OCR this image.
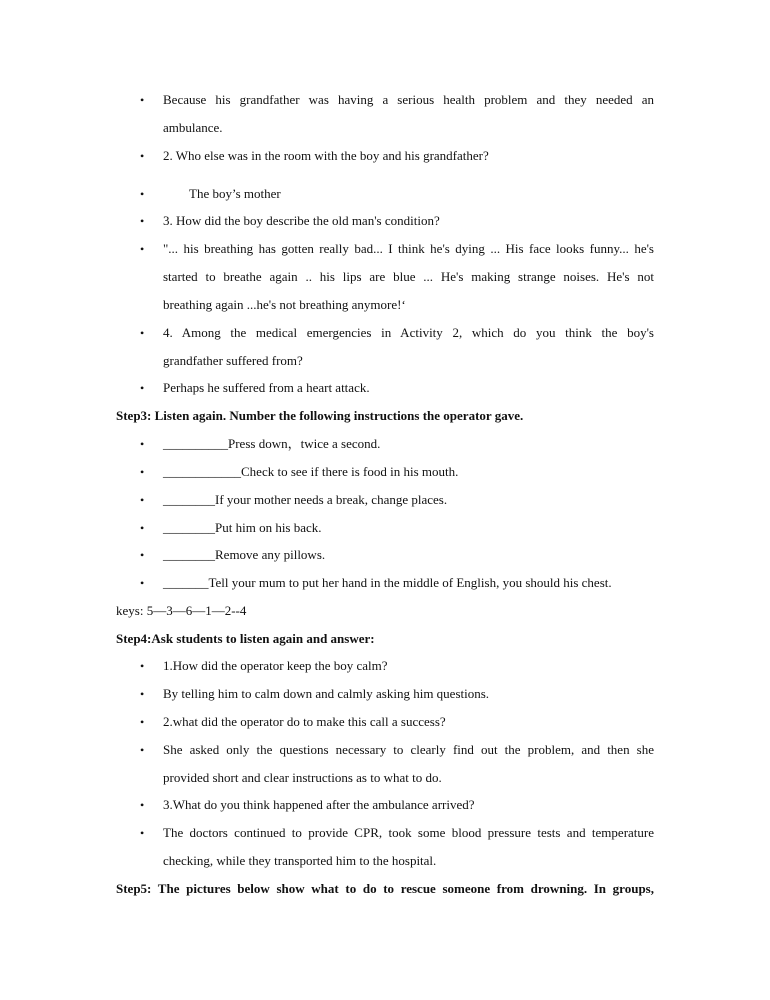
• Because his grandfather was having a serious health problem and they needed an
ambulance.
• 2. Who else was in the room with the boy and his grandfather?
•	The boy’s mother
• 3. How did the boy describe the old man's condition?
• "... his breathing has gotten really bad... I think he's dying ... His face looks funny... he's
started to breathe again .. his lips are blue ... He's making strange noises. He's not
breathing again ...he's not breathing anymore!‘
• 4. Among the medical emergencies in Activity 2, which do you think the boy's
grandfather suffered from?
• Perhaps he suffered from a heart attack.
Step3: Listen again. Number the following instructions the operator gave.
• __________Press down，twice a second.
• ____________Check to see if there is food in his mouth.
• ________If your mother needs a break, change places.
• ________Put him on his back.
• ________Remove any pillows.
• _______Tell your mum to put her hand in the middle of English, you should his chest.
keys: 5—3—6—1—2--4
Step4:Ask students to listen again and answer:
• 1.How did the operator keep the boy calm?
• By telling him to calm down and calmly asking him questions.
• 2.what did the operator do to make this call a success?
• She asked only the questions necessary to clearly find out the problem, and then she
provided short and clear instructions as to what to do.
• 3.What do you think happened after the ambulance arrived?
• The doctors continued to provide CPR, took some blood pressure tests and temperature
checking, while they transported him to the hospital.
Step5: The pictures below show what to do to rescue someone from drowning. In groups,
